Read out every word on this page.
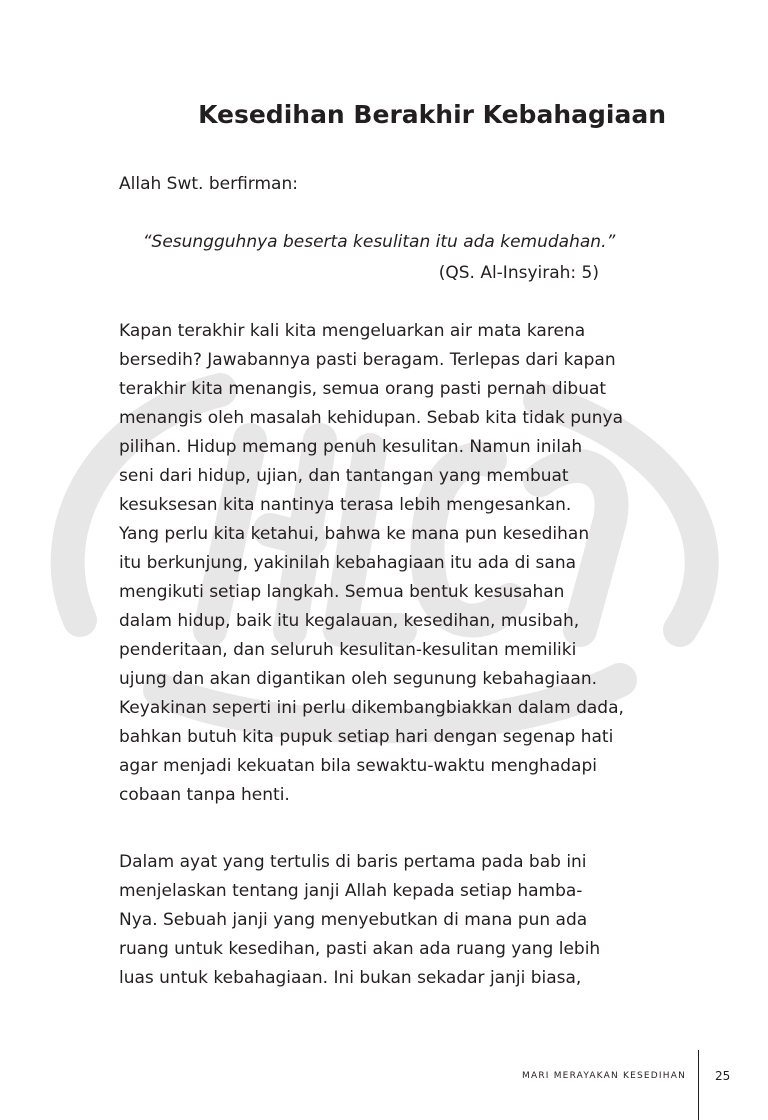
Kesedihan Berakhir Kebahagiaan

Allah Swt. berfirman:

“Sesungguhnya beserta kesulitan itu ada kemudahan.”

(QS. Al-Insyirah: 5)

Kapan terakhir kali kita mengeluarkan air mata karena
bersedih? Jawabannya pasti beragam. Terlepas dari kapan
terakhir kita menangis, semua orang pasti pernah dibuat
menangis oleh masalah kehidupan. Sebab kita tidak punya
pilihan. Hidup memang penuh kesulitan. Namun inilah
seni dari hidup, ujian, dan tantangan yang membuat
kesuksesan kita nantinya terasa lebih mengesankan.
Yang perlu kita ketahui, bahwa ke mana pun kesedihan
itu berkunjung, yakinilah kebahagiaan itu ada di sana
mengikuti setiap langkah. Semua bentuk kesusahan
dalam hidup, baik itu kegalauan, kesedihan, musibah,
penderitaan, dan seluruh kesulitan-kesulitan memiliki
ujung dan akan digantikan oleh segunung kebahagiaan.
Keyakinan seperti ini perlu dikembangbiakkan dalam dada,
bahkan butuh kita pupuk setiap hari dengan segenap hati
agar menjadi kekuatan bila sewaktu-waktu menghadapi
cobaan tanpa henti.

Dalam ayat yang tertulis di baris pertama pada bab ini
menjelaskan tentang janji Allah kepada setiap hamba-
Nya. Sebuah janji yang menyebutkan di mana pun ada
ruang untuk kesedihan, pasti akan ada ruang yang lebih
luas untuk kebahagiaan. Ini bukan sekadar janji biasa,

MARI MERAYAKAN KESEDIHAN 25
